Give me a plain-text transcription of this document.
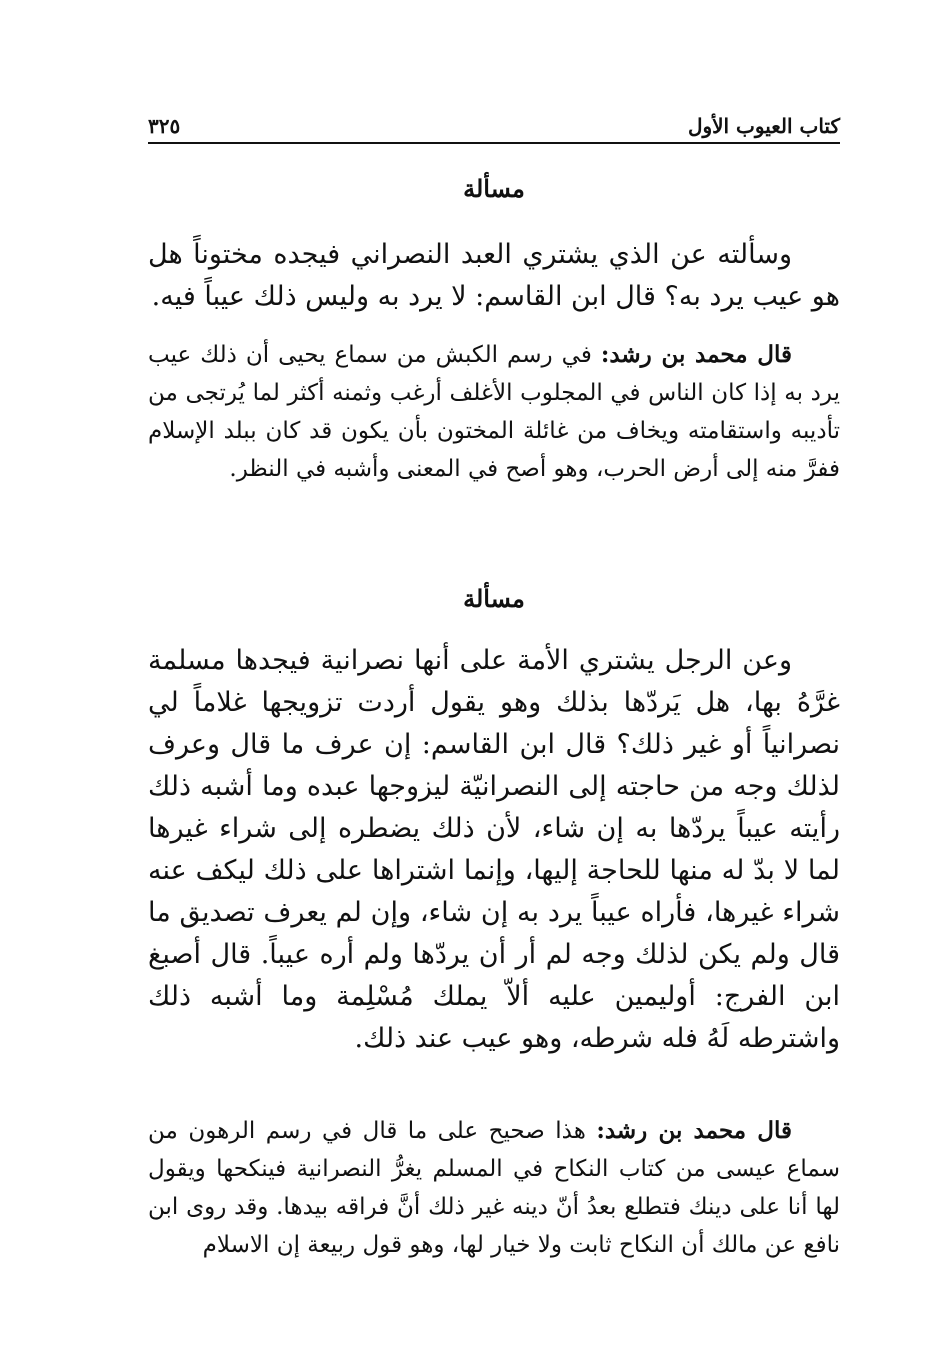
كتاب العيوب الأول
٣٢٥
مسألة

وسألته عن الذي يشتري العبد النصراني فيجده مختوناً هل هو عيب يرد به؟ قال ابن القاسم: لا يرد به وليس ذلك عيباً فيه.

قال محمد بن رشد: في رسم الكبش من سماع يحيى أن ذلك عيب يرد به إذا كان الناس في المجلوب الأغلف أرغب وثمنه أكثر لما يُرتجى من تأديبه واستقامته ويخاف من غائلة المختون بأن يكون قد كان ببلد الإسلام ففرَّ منه إلى أرض الحرب، وهو أصح في المعنى وأشبه في النظر.

مسألة

وعن الرجل يشتري الأمة على أنها نصرانية فيجدها مسلمة غرَّهُ بها، هل يَردّها بذلك وهو يقول أردت تزويجها غلاماً لي نصرانياً أو غير ذلك؟ قال ابن القاسم: إن عرف ما قال وعرف لذلك وجه من حاجته إلى النصرانيّة ليزوجها عبده وما أشبه ذلك رأيته عيباً يردّها به إن شاء، لأن ذلك يضطره إلى شراء غيرها لما لا بدّ له منها للحاجة إليها، وإنما اشتراها على ذلك ليكف عنه شراء غيرها، فأراه عيباً يرد به إن شاء، وإن لم يعرف تصديق ما قال ولم يكن لذلك وجه لم أر أن يردّها ولم أره عيباً. قال أصبغ ابن الفرج: أوليمين عليه ألاّ يملك مُسْلِمة وما أشبه ذلك واشترطه لَهُ فله شرطه، وهو عيب عند ذلك.

قال محمد بن رشد: هذا صحيح على ما قال في رسم الرهون من سماع عيسى من كتاب النكاح في المسلم يغرُّ النصرانية فينكحها ويقول لها أنا على دينك فتطلع بعدُ أنّ دينه غير ذلك أنَّ فراقه بيدها. وقد روى ابن نافع عن مالك أن النكاح ثابت ولا خيار لها، وهو قول ربيعة إن الاسلام
